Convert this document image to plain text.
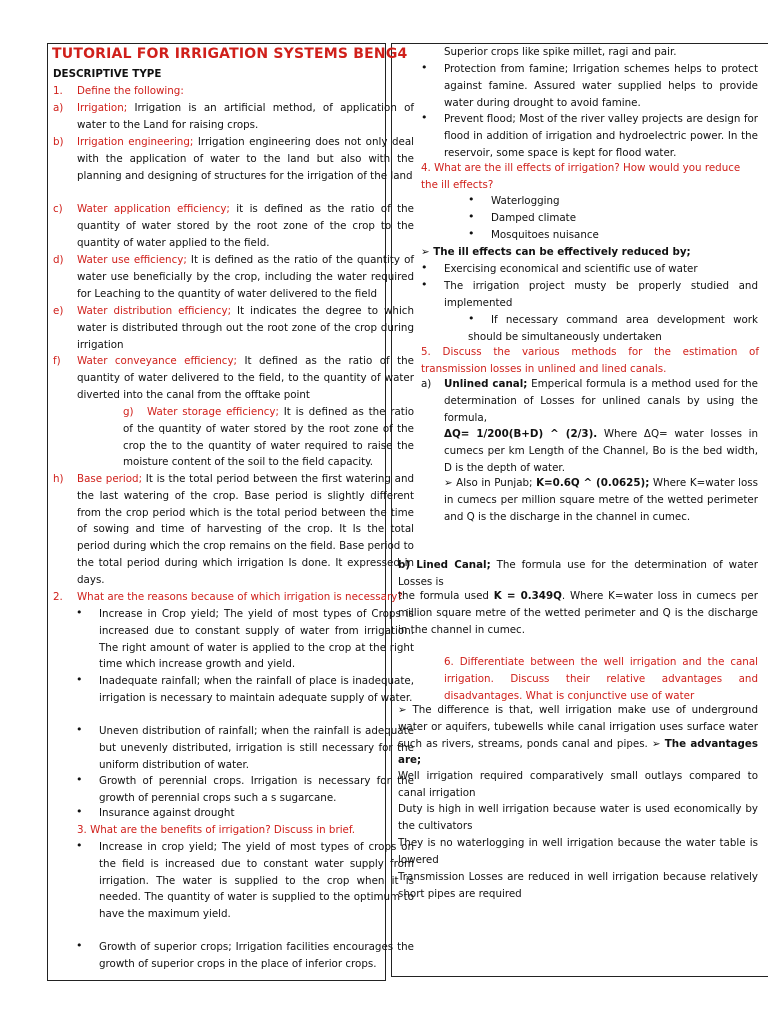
TUTORIAL FOR IRRIGATION SYSTEMS BENG4
DESCRIPTIVE TYPE
1. Define the following:
a) Irrigation; Irrigation is an artificial method, of application of water to the Land for raising crops.
b) Irrigation engineering; Irrigation engineering does not only deal with the application of water to the land but also with the planning and designing of structures for the irrigation of the land
c) Water application efficiency; it is defined as the ratio of the quantity of water stored by the root zone of the crop to the quantity of water applied to the field.
d) Water use efficiency; It is defined as the ratio of the quantity of water use beneficially by the crop, including the water required for Leaching to the quantity of water delivered to the field
e) Water distribution efficiency; It indicates the degree to which water is distributed through out the root zone of the crop during irrigation
f) Water conveyance efficiency; It defined as the ratio of the quantity of water delivered to the field, to the quantity of water diverted into the canal from the offtake point
g)	Water storage efficiency; It is defined as the ratio of the quantity of water stored by the root zone of the crop the to the quantity of water required to raise the moisture content of the soil to the field capacity.
h) Base period; It is the total period between the first watering and the last watering of the crop. Base period is slightly different from the crop period which is the total period between the time of sowing and time of harvesting of the crop. It Is the total period during which the crop remains on the field. Base period to the total period during which irrigation Is done. It expressed in days.
2. What are the reasons because of which irrigation is necessary?
• Increase in Crop yield; The yield of most types of Crops is increased due to constant supply of water from irrigation. The right amount of water is applied to the crop at the right time which increase growth and yield.
• Inadequate rainfall; when the rainfall of place is inadequate, irrigation is necessary to maintain adequate supply of water.
• Uneven distribution of rainfall; when the rainfall is adequate but unevenly distributed, irrigation is still necessary for the uniform distribution of water.
• Growth of perennial crops. Irrigation is necessary for the growth of perennial crops such a s sugarcane.
• Insurance against drought
3. What are the benefits of irrigation? Discuss in brief.
• Increase in crop yield; The yield of most types of crops on the field is increased due to constant water supply from irrigation. The water is supplied to the crop when it is needed. The quantity of water is supplied to the optimum to have the maximum yield.
• Growth of superior crops; Irrigation facilities encourages the growth of superior crops in the place of inferior crops.
Superior crops like spike millet, ragi and pair.
• Protection from famine; Irrigation schemes helps to protect against famine. Assured water supplied helps to provide water during drought to avoid famine.
• Prevent flood; Most of the river valley projects are design for flood in addition of irrigation and hydroelectric power. In the reservoir, some space is kept for flood water.
4. What are the ill effects of irrigation? How would you reduce the ill effects?
• Waterlogging
• Damped climate
• Mosquitoes nuisance
➢ The ill effects can be effectively reduced by;
• Exercising economical and scientific use of water
• The irrigation project musty be properly studied and implemented
•	If necessary command area development work should be simultaneously undertaken
5. Discuss the various methods for the estimation of transmission losses in unlined and lined canals.
a) Unlined canal; Emperical formula is a method used for the determination of Losses for unlined canals by using the formula,
ΔQ= 1/200(B+D) ^ (2/3). Where ΔQ= water losses in cumecs per km Length of the Channel, Bo is the bed width, D is the depth of water.
➢ Also in Punjab; K=0.6Q ^ (0.0625); Where K=water loss in cumecs per million square metre of the wetted perimeter and Q is the discharge in the channel in cumec.
b) Lined Canal; The formula use for the determination of water Losses is
the formula used K = 0.349Q. Where K=water loss in cumecs per million square metre of the wetted perimeter and Q is the discharge in the channel in cumec.
6. Differentiate between the well irrigation and the canal irrigation. Discuss their relative advantages and disadvantages. What is conjunctive use of water
➢ The difference is that, well irrigation make use of underground water or aquifers, tubewells while canal irrigation uses surface water such as rivers, streams, ponds canal and pipes. ➢ The advantages are;
Well irrigation required comparatively small outlays compared to canal irrigation
Duty is high in well irrigation because water is used economically by the cultivators
They is no waterlogging in well irrigation because the water table is lowered
Transmission Losses are reduced in well irrigation because relatively short pipes are required
